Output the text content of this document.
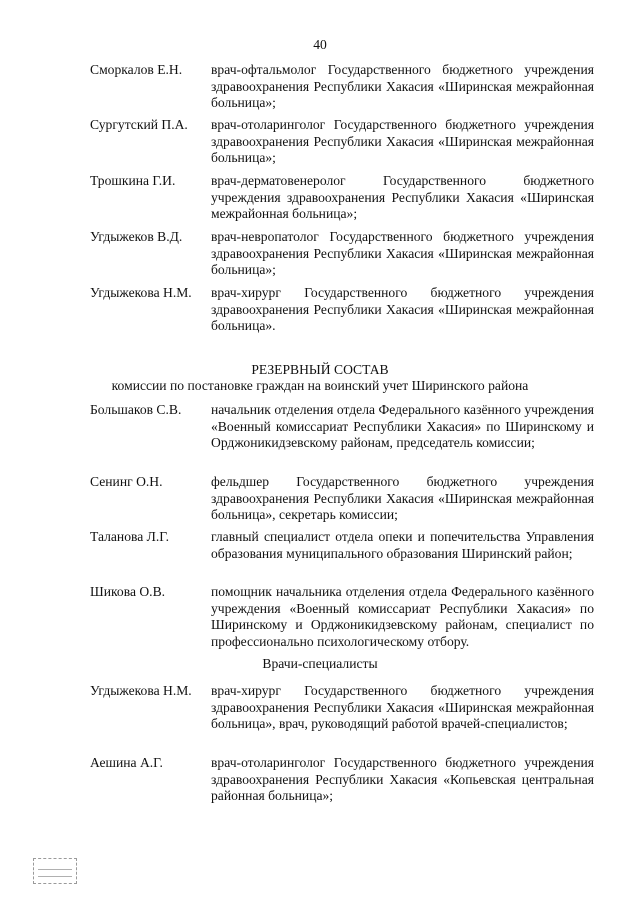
40
Сморкалов Е.Н.	врач-офтальмолог Государственного бюджетного учреждения здравоохранения Республики Хакасия «Ширинская межрайонная больница»;
Сургутский П.А.	врач-отоларинголог Государственного бюджетного учреждения здравоохранения Республики Хакасия «Ширинская межрайонная больница»;
Трошкина Г.И.	врач-дерматовенеролог Государственного бюджетного учреждения здравоохранения Республики Хакасия «Ширинская межрайонная больница»;
Угдыжеков В.Д.	врач-невропатолог Государственного бюджетного учреждения здравоохранения Республики Хакасия «Ширинская межрайонная больница»;
Угдыжекова Н.М.	врач-хирург Государственного бюджетного учреждения здравоохранения Республики Хакасия «Ширинская межрайонная больница».
РЕЗЕРВНЫЙ СОСТАВ
комиссии по постановке граждан на воинский учет Ширинского района
Большаков С.В.	начальник отделения отдела Федерального казённого учреждения «Военный комиссариат Республики Хакасия» по Ширинскому и Орджоникидзевскому районам, председатель комиссии;
Сенинг О.Н.	фельдшер Государственного бюджетного учреждения здравоохранения Республики Хакасия «Ширинская межрайонная больница», секретарь комиссии;
Таланова Л.Г.	главный специалист отдела опеки и попечительства Управления образования муниципального образования Ширинский район;
Шикова О.В.	помощник начальника отделения отдела Федерального казённого учреждения «Военный комиссариат Республики Хакасия» по Ширинскому и Орджоникидзевскому районам, специалист по профессионально психологическому отбору.
Врачи-специалисты
Угдыжекова Н.М.	врач-хирург Государственного бюджетного учреждения здравоохранения Республики Хакасия «Ширинская межрайонная больница», врач, руководящий работой врачей-специалистов;
Аешина А.Г.	врач-отоларинголог Государственного бюджетного учреждения здравоохранения Республики Хакасия «Копьевская центральная районная больница»;
